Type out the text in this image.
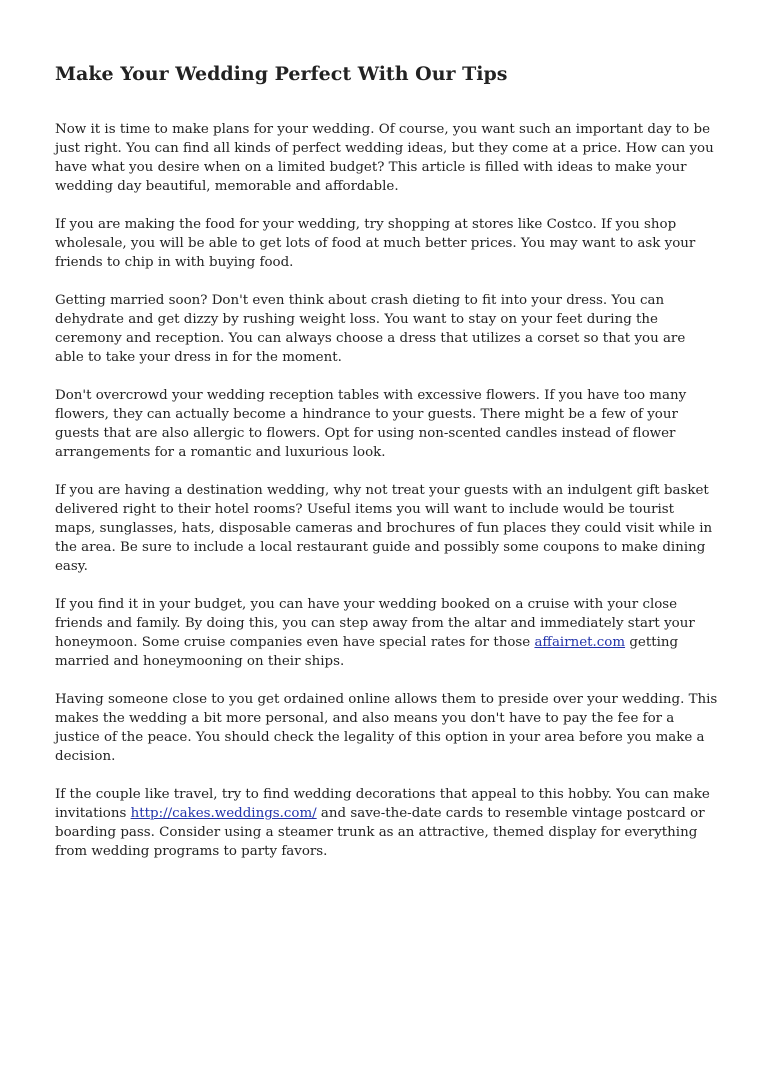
Make Your Wedding Perfect With Our Tips

Now it is time to make plans for your wedding. Of course, you want such an important day to be just right. You can find all kinds of perfect wedding ideas, but they come at a price. How can you have what you desire when on a limited budget? This article is filled with ideas to make your wedding day beautiful, memorable and affordable.

If you are making the food for your wedding, try shopping at stores like Costco. If you shop wholesale, you will be able to get lots of food at much better prices. You may want to ask your friends to chip in with buying food.

Getting married soon? Don't even think about crash dieting to fit into your dress. You can dehydrate and get dizzy by rushing weight loss. You want to stay on your feet during the ceremony and reception. You can always choose a dress that utilizes a corset so that you are able to take your dress in for the moment.

Don't overcrowd your wedding reception tables with excessive flowers. If you have too many flowers, they can actually become a hindrance to your guests. There might be a few of your guests that are also allergic to flowers. Opt for using non-scented candles instead of flower arrangements for a romantic and luxurious look.

If you are having a destination wedding, why not treat your guests with an indulgent gift basket delivered right to their hotel rooms? Useful items you will want to include would be tourist maps, sunglasses, hats, disposable cameras and brochures of fun places they could visit while in the area. Be sure to include a local restaurant guide and possibly some coupons to make dining easy.

If you find it in your budget, you can have your wedding booked on a cruise with your close friends and family. By doing this, you can step away from the altar and immediately start your honeymoon. Some cruise companies even have special rates for those affairnet.com getting married and honeymooning on their ships.

Having someone close to you get ordained online allows them to preside over your wedding. This makes the wedding a bit more personal, and also means you don't have to pay the fee for a justice of the peace. You should check the legality of this option in your area before you make a decision.

If the couple like travel, try to find wedding decorations that appeal to this hobby. You can make invitations http://cakes.weddings.com/ and save-the-date cards to resemble vintage postcard or boarding pass. Consider using a steamer trunk as an attractive, themed display for everything from wedding programs to party favors.
